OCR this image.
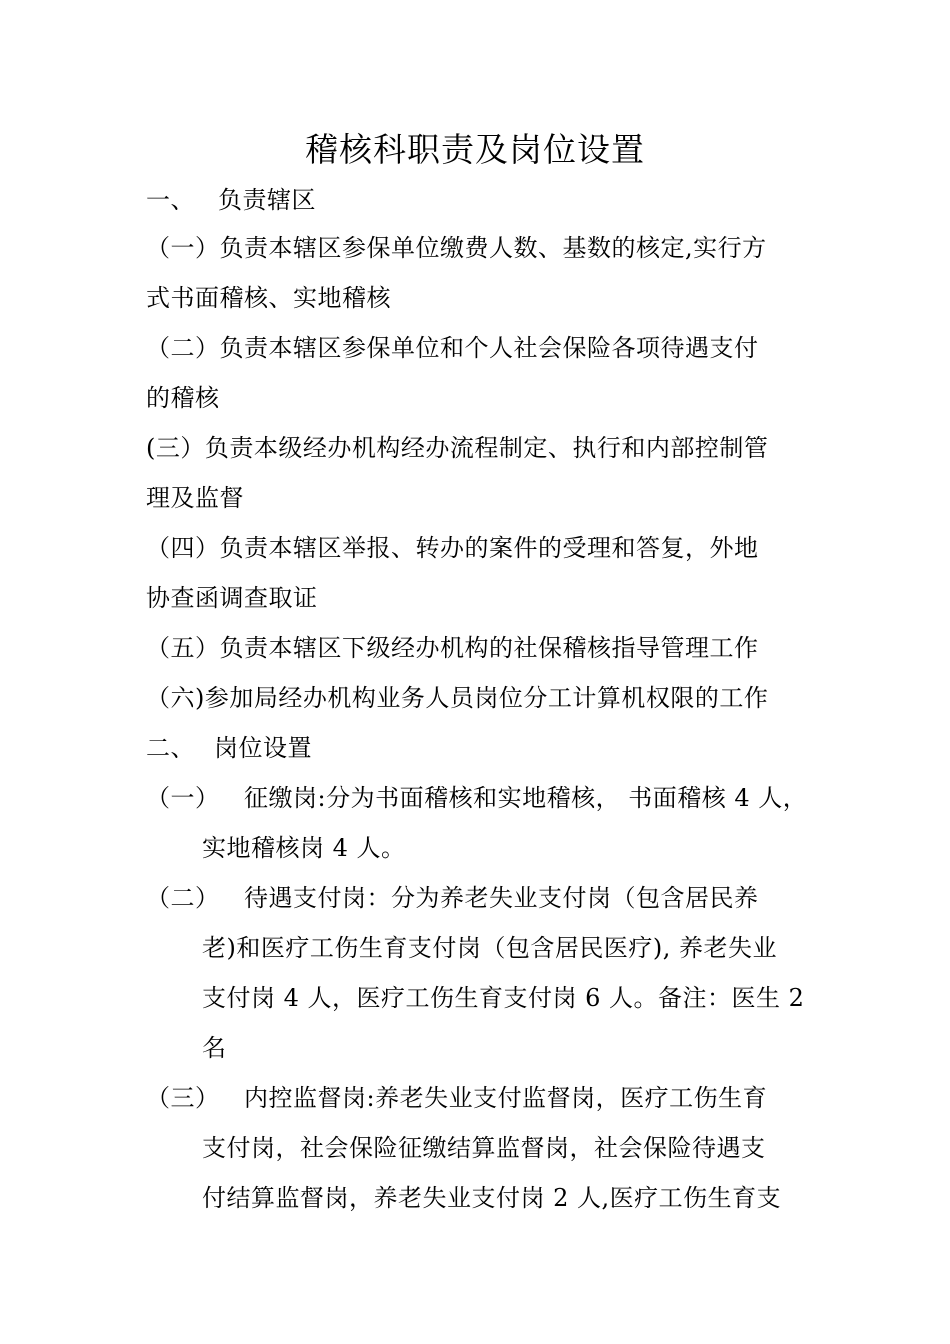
稽核科职责及岗位设置
一、 负责辖区
（一）负责本辖区参保单位缴费人数、基数的核定,实行方
式书面稽核、实地稽核
（二）负责本辖区参保单位和个人社会保险各项待遇支付
的稽核
(三）负责本级经办机构经办流程制定、执行和内部控制管
理及监督
（四）负责本辖区举报、转办的案件的受理和答复，外地
协查函调查取证
（五）负责本辖区下级经办机构的社保稽核指导管理工作
（六)参加局经办机构业务人员岗位分工计算机权限的工作
二、 岗位设置
（一） 征缴岗:分为书面稽核和实地稽核， 书面稽核 4 人，
实地稽核岗 4 人。
（二） 待遇支付岗：分为养老失业支付岗（包含居民养
老)和医疗工伤生育支付岗（包含居民医疗), 养老失业
支付岗 4 人，医疗工伤生育支付岗 6 人。备注：医生 2
名
（三） 内控监督岗:养老失业支付监督岗，医疗工伤生育
支付岗，社会保险征缴结算监督岗，社会保险待遇支
付结算监督岗，养老失业支付岗 2 人,医疗工伤生育支
